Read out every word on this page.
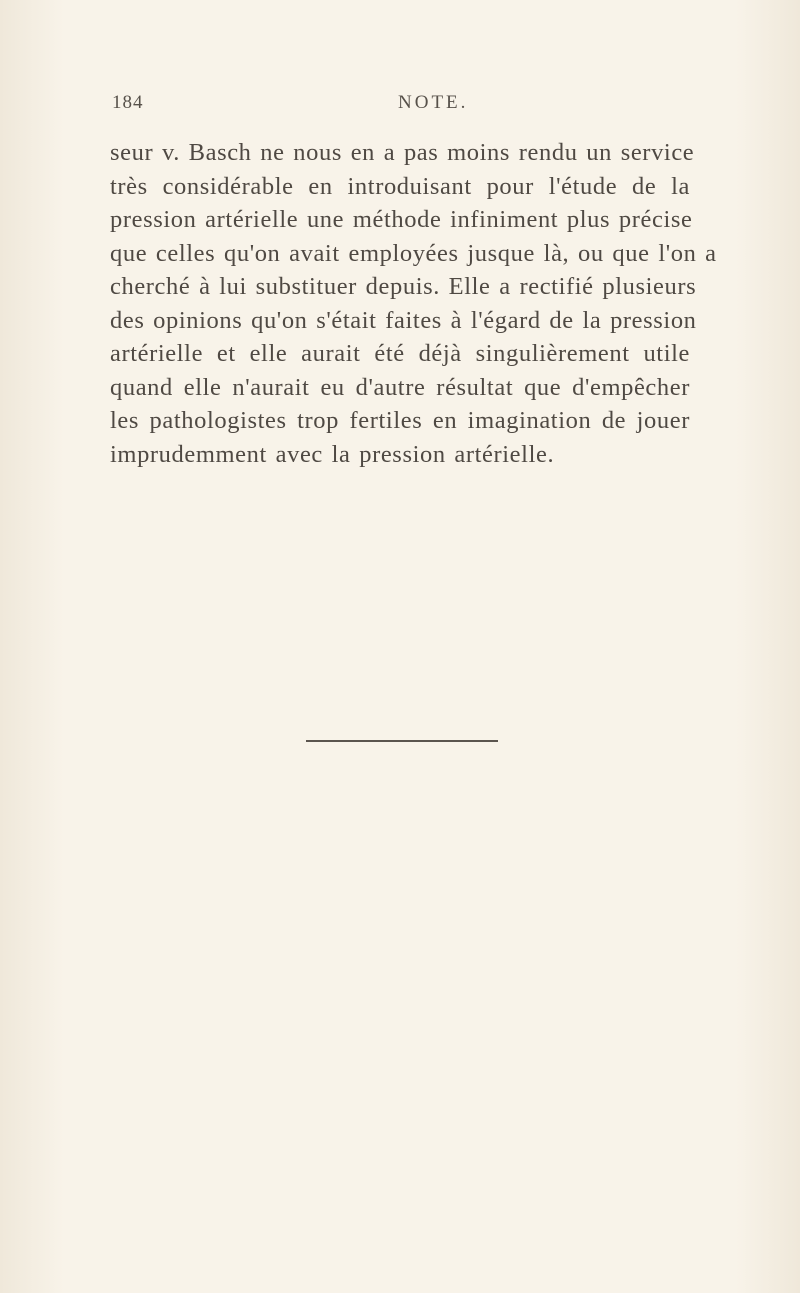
184	NOTE.
seur v. Basch ne nous en a pas moins rendu un service
très considérable en introduisant pour l'étude de la
pression artérielle une méthode infiniment plus précise
que celles qu'on avait employées jusque là, ou que l'on a
cherché à lui substituer depuis. Elle a rectifié plusieurs
des opinions qu'on s'était faites à l'égard de la pression
artérielle et elle aurait été déjà singulièrement utile
quand elle n'aurait eu d'autre résultat que d'empêcher
les pathologistes trop fertiles en imagination de jouer
imprudemment avec la pression artérielle.
